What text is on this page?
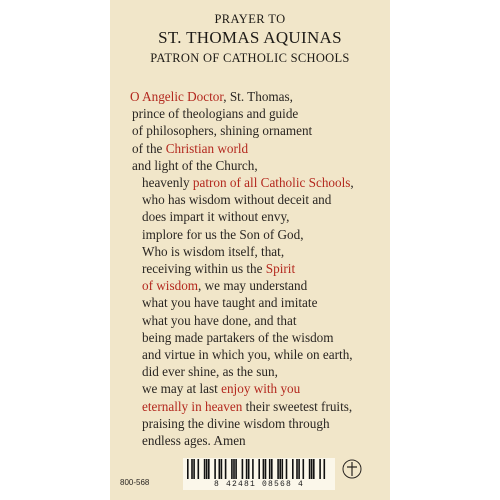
PRAYER TO
ST. THOMAS AQUINAS
PATRON OF CATHOLIC SCHOOLS
O Angelic Doctor, St. Thomas,
prince of theologians and guide
of philosophers, shining ornament
of the Christian world
and light of the Church,
heavenly patron of all Catholic Schools,
who has wisdom without deceit and
does impart it without envy,
implore for us the Son of God,
Who is wisdom itself, that,
receiving within us the Spirit
of wisdom, we may understand
what you have taught and imitate
what you have done, and that
being made partakers of the wisdom
and virtue in which you, while on earth,
did ever shine, as the sun,
we may at last enjoy with you
eternally in heaven their sweetest fruits,
praising the divine wisdom through
endless ages. Amen
800-568	8 42481 08568 4
